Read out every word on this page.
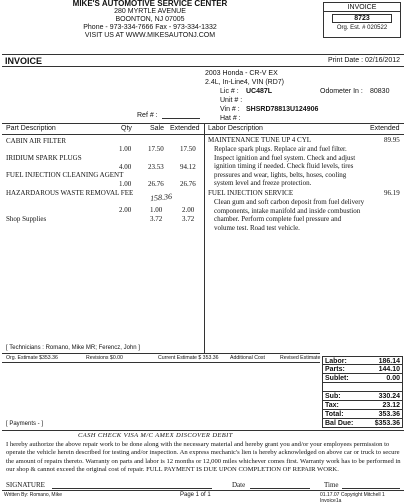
MIKE'S AUTOMOTIVE SERVICE CENTER
280 MYRTLE AVENUE
BOONTON, NJ 07005
Phone - 973-334-7666 Fax - 973-334-1332
VISIT US AT WWW.MIKESAUTONJ.COM
INVOICE
8723
Org. Est. # 020522
INVOICE	Print Date : 02/16/2012
2003 Honda - CR-V EX
2.4L, In-Line4, VIN (RD7)
Lic # : UC487L	Odometer In : 80830
Unit # :
Vin # : SHSRD78813U124906
Hat # :
Ref # :
Part Description	Qty	Sale Extended Labor Description	Extended
CABIN AIR FILTER
1.00 17.50 17.50
IRIDIUM SPARK PLUGS
4.00 23.53 94.12
FUEL INJECTION CLEANING AGENT
1.00 26.76 26.76
HAZARDAROUS WASTE REMOVAL FEE
2.00	1.00	2.00
Shop Supplies	3.72	3.72
158.36
MAINTENANCE TUNE UP 4 CYL	89.95
Replace spark plugs. Replace air and fuel filter.
Inspect ignition and fuel system. Check and adjust
ignition timing if needed. Check fluid levels, tires
pressures and wear, lights, belts, hoses, cooling
system level and freeze protection.
FUEL INJECTION SERVICE	96.19
Clean gum and soft carbon deposit from fuel delivery
components, intake manifold and inside combustion
chamber. Perform complete fuel pressure and
volume test. Road test vehicle.
[ Technicians : Romano, Mike MR; Ferencz, John ]
Org. Estimate $353.36	Revisions $0.00	Current Estimate $ 353.36 Additional Cost	Revised Estimate Labor:	186.14
Parts:	144.10
Sublet:	0.00
Sub:	330.24
Tax:	23.12
Total:	353.36
Bal Due:	$353.36
[ Payments - ]
CASH CHECK VISA M/C AMEX DISCOVER DEBIT
I hereby authorize the above repair work to be done along with the necessary material and hereby grant you and/or your employees permission to operate the vehicle herein described for testing and/or inspection. An express mechanic's lien is hereby acknowledged on above car or truck to secure the amount of repairs thereto. Warranty on parts and labor is 12 months or 12,000 miles whichever comes first. Warranty work has to be performed in our shop & cannot exceed the original cost of repair. FULL PAYMENT IS DUE UPON COMPLETION OF REPAIR WORK.
SIGNATURE	Date	Time
Written By: Romano, Mike	Page 1 of 1	01.17.07 Copyright Mitchell 1 Invoice1a
